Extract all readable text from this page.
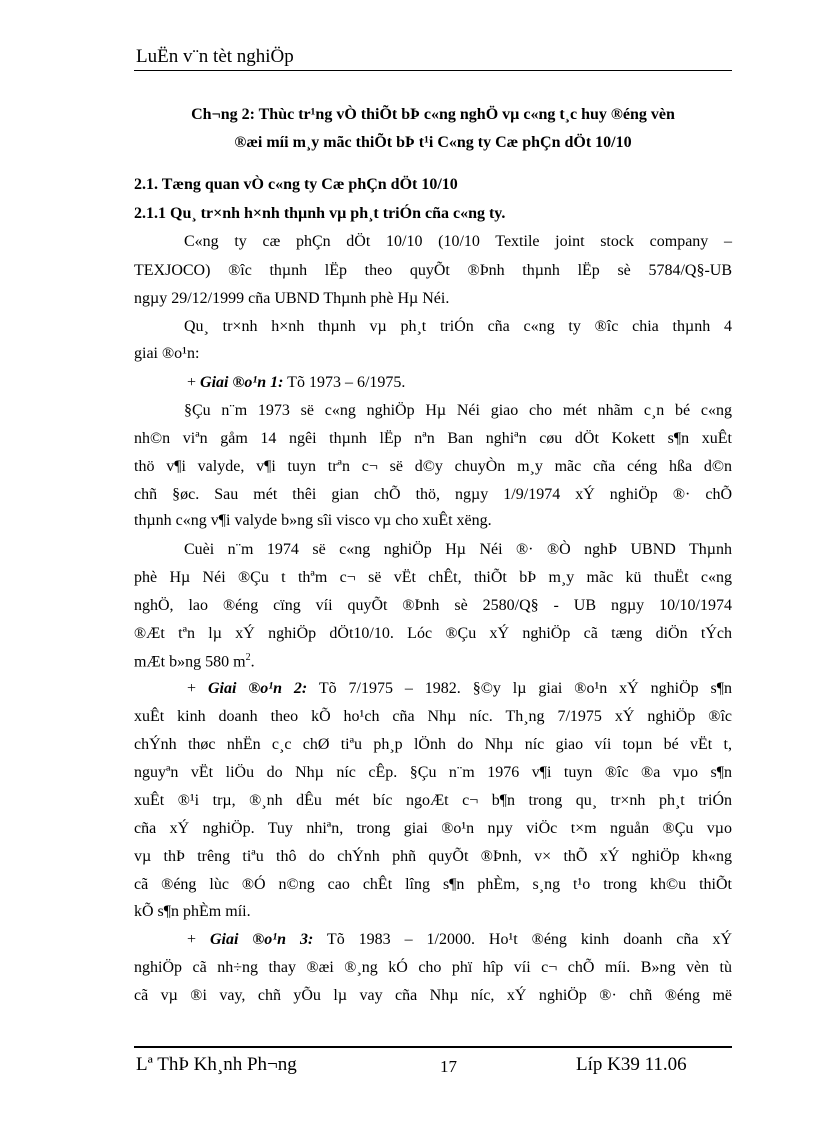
LuËn v¨n tèt nghiÖp
Ch¬ng 2: Thùc tr¹ng vÒ thiÕt bÞ c«ng nghÖ vµ c«ng t¸c huy ®éng vèn
®æi míi m¸y mãc thiÕt bÞ t¹i C«ng ty Cæ phÇn dÖt 10/10
2.1. Tæng quan vÒ c«ng ty Cæ phÇn dÖt 10/10
2.1.1 Qu¸ tr×nh h×nh thµnh vµ ph¸t triÓn cña c«ng ty.
C«ng ty cæ phÇn dÖt 10/10 (10/10 Textile joint stock company –
TEXJOCO) ®îc thµnh lËp theo quyÕt ®Þnh thµnh lËp sè 5784/Q§-UB
ngµy 29/12/1999 cña UBND Thµnh phè Hµ Néi.
Qu¸ tr×nh h×nh thµnh vµ ph¸t triÓn cña c«ng ty ®îc chia thµnh 4
giai ®o¹n:
+ Giai ®o¹n 1: Tõ 1973 – 6/1975.
§Çu n¨m 1973 së c«ng nghiÖp Hµ Néi giao cho mét nhãm c¸n bé c«ng
nh©n viªn gåm 14 ngêi thµnh lËp nªn Ban nghiªn cøu dÖt Kokett s¶n xuÊt
thö v¶i valyde, v¶i tuyn trªn c¬ së d©y chuyÒn m¸y mãc cña céng hßa d©n
chñ §øc. Sau mét thêi gian chÕ thö, ngµy 1/9/1974 xÝ nghiÖp ®· chÕ
thµnh c«ng v¶i valyde b»ng sîi visco vµ cho xuÊt xëng.
Cuèi n¨m 1974 së c«ng nghiÖp Hµ Néi ®· ®Ò nghÞ UBND Thµnh
phè Hµ Néi ®Çu t thªm c¬ së vËt chÊt, thiÕt bÞ m¸y mãc kü thuËt c«ng
nghÖ, lao ®éng cïng víi quyÕt ®Þnh sè 2580/Q§ - UB ngµy 10/10/1974
®Æt tªn lµ xÝ nghiÖp dÖt10/10. Lóc ®Çu xÝ nghiÖp cã tæng diÖn tÝch
mÆt b»ng 580 $m^2$.
+ Giai ®o¹n 2: Tõ 7/1975 – 1982. §©y lµ giai ®o¹n xÝ nghiÖp s¶n
xuÊt kinh doanh theo kÕ ho¹ch cña Nhµ níc. Th¸ng 7/1975 xÝ nghiÖp ®îc
chÝnh thøc nhËn c¸c chØ tiªu ph¸p lÖnh do Nhµ níc giao víi toµn bé vËt t,
nguyªn vËt liÖu do Nhµ níc cÊp. §Çu n¨m 1976 v¶i tuyn ®îc ®a vµo s¶n
xuÊt ®¹i trµ, ®¸nh dÊu mét bíc ngoÆt c¬ b¶n trong qu¸ tr×nh ph¸t triÓn
cña xÝ nghiÖp. Tuy nhiªn, trong giai ®o¹n nµy viÖc t×m nguån ®Çu vµo
vµ thÞ trêng tiªu thô do chÝnh phñ quyÕt ®Þnh, v× thÕ xÝ nghiÖp kh«ng
cã ®éng lùc ®Ó n©ng cao chÊt lîng s¶n phÈm, s¸ng t¹o trong kh©u thiÕt
kÕ s¶n phÈm míi.
+ Giai ®o¹n 3: Tõ 1983 – 1/2000. Ho¹t ®éng kinh doanh cña xÝ
nghiÖp cã nh÷ng thay ®æi ®¸ng kÓ cho phï hîp víi c¬ chÕ míi. B»ng vèn tù
cã vµ ®i vay, chñ yÕu lµ vay cña Nhµ níc, xÝ nghiÖp ®· chñ ®éng më
Lª ThÞ Kh¸nh Ph¬ng	17	Líp K39 11.06
